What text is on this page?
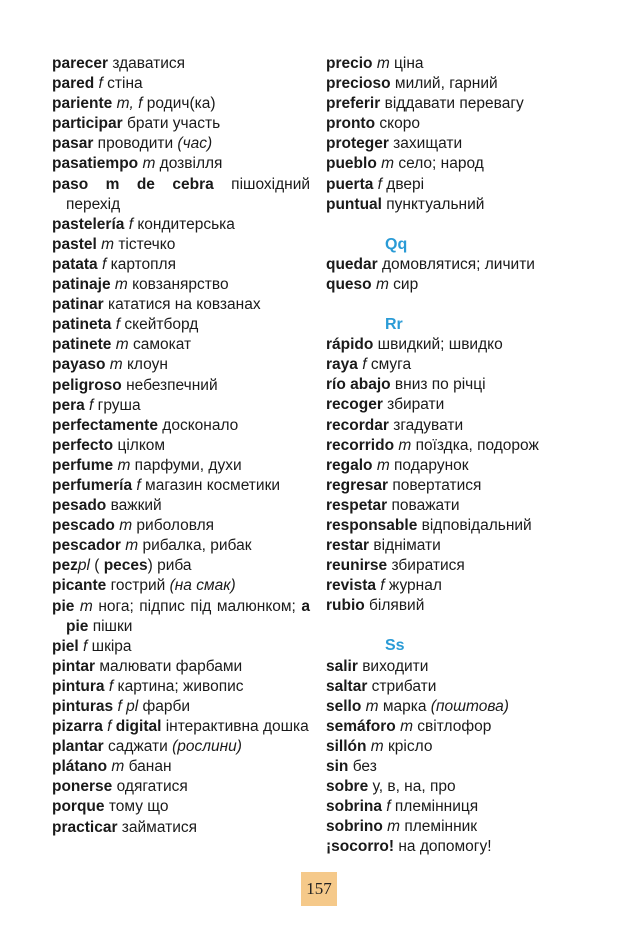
parecer здаватися
pared f стіна
pariente m, f родич(ка)
participar брати участь
pasar проводити (час)
pasatiempo m дозвілля
paso m de cebra пішохідний перехід
pastelería f кондитерська
pastel m тістечко
patata f картопля
patinaje m ковзанярство
patinar кататися на ковзанах
patineta f скейтборд
patinete m самокат
payaso m клоун
peligroso небезпечний
pera f груша
perfectamente досконало
perfecto цілком
perfume m парфуми, духи
perfumería f магазин косметики
pesado важкий
pescado m риболовля
pescador m рибалка, рибак
pezpl ( peces) риба
picante гострий (на смак)
pie m нога; підпис під малюнком; a pie пішки
piel f шкіра
pintar малювати фарбами
pintura f картина; живопис
pinturas f pl фарби
pizarra f digital інтерактивна дошка
plantar саджати (рослини)
plátano m банан
ponerse одягатися
porque тому що
practicar займатися
precio m ціна
precioso милий, гарний
preferir віддавати перевагу
pronto скоро
proteger захищати
pueblo m село; народ
puerta f двері
puntual пунктуальний
Qq
quedar домовлятися; личити
queso m сир
Rr
rápido швидкий; швидко
raya f смуга
río abajo вниз по річці
recoger збирати
recordar згадувати
recorrido m поїздка, подорож
regalo m подарунок
regresar повертатися
respetar поважати
responsable відповідальний
restar віднімати
reunirse збиратися
revista f журнал
rubio білявий
Ss
salir виходити
saltar стрибати
sello m марка (поштова)
semáforo m світлофор
sillón m крісло
sin без
sobre у, в, на, про
sobrina f племінниця
sobrino m племінник
¡socorro! на допомогу!
157
